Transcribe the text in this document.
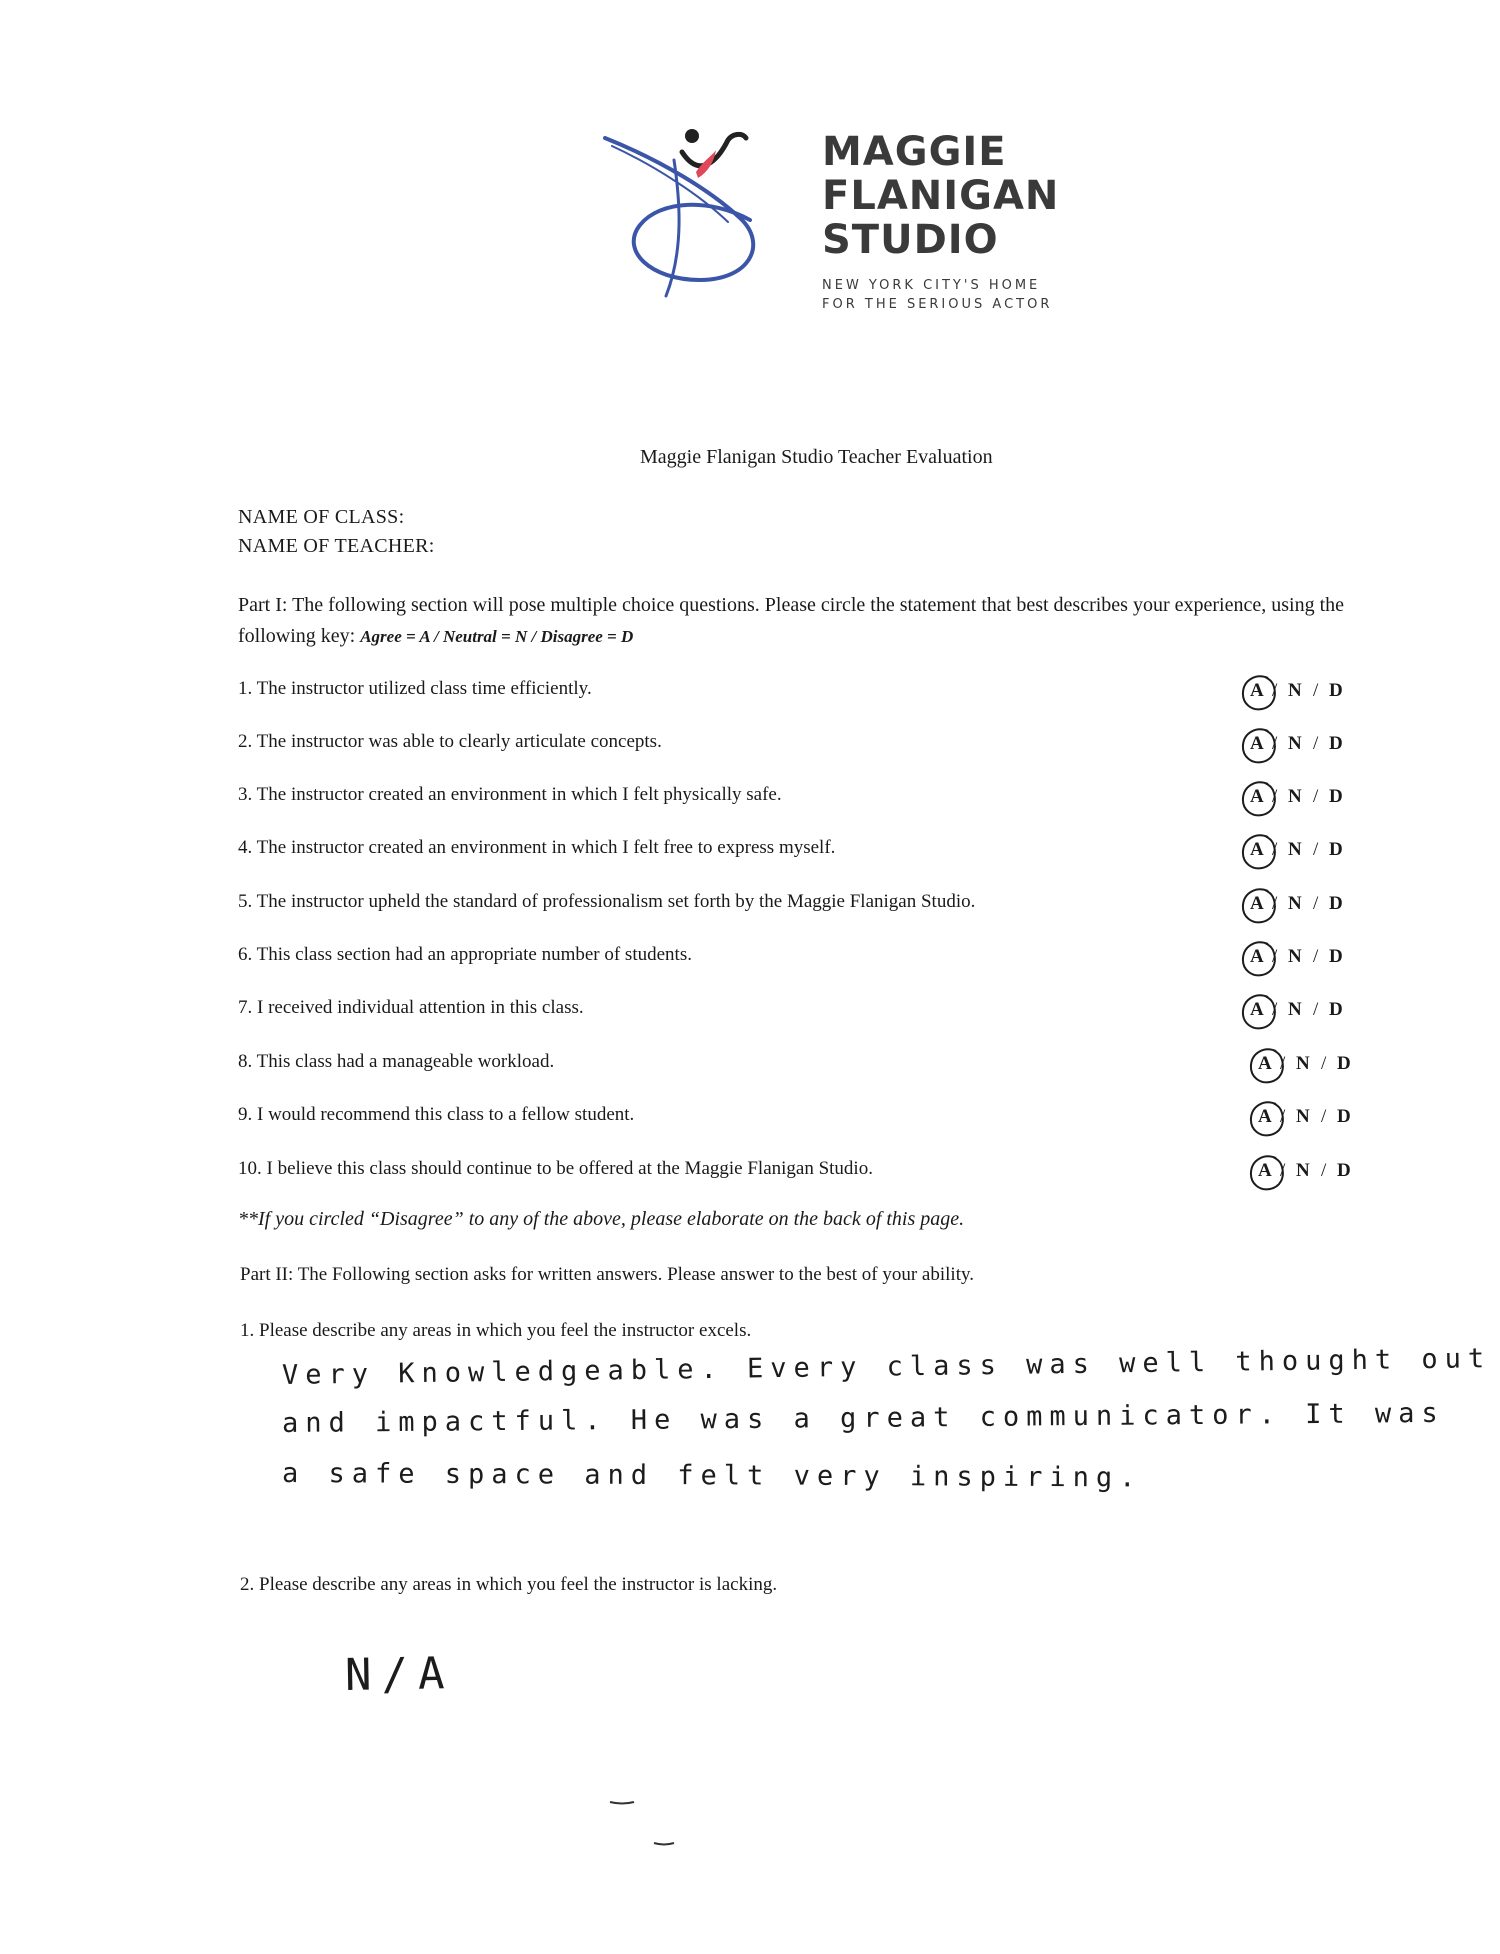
MAGGIE
FLANIGAN
STUDIO
NEW YORK CITY'S HOME
FOR THE SERIOUS ACTOR
Maggie Flanigan Studio Teacher Evaluation
NAME OF CLASS:
NAME OF TEACHER:
Part I: The following section will pose multiple choice questions. Please circle the statement that best describes your experience, using the following key: Agree = A / Neutral = N / Disagree = D
1. The instructor utilized class time efficiently.	A / N / D
2. The instructor was able to clearly articulate concepts.	A / N / D
3. The instructor created an environment in which I felt physically safe.	A / N / D
4. The instructor created an environment in which I felt free to express myself.	A / N / D
5. The instructor upheld the standard of professionalism set forth by the Maggie Flanigan Studio.	A / N / D
6. This class section had an appropriate number of students.	A / N / D
7. I received individual attention in this class.	A / N / D
8. This class had a manageable workload.	A / N / D
9. I would recommend this class to a fellow student.	A / N / D
10. I believe this class should continue to be offered at the Maggie Flanigan Studio.	A / N / D
**If you circled “Disagree” to any of the above, please elaborate on the back of this page.
Part II: The Following section asks for written answers. Please answer to the best of your ability.
1. Please describe any areas in which you feel the instructor excels.
Very Knowledgeable. Every class was well thought out
and impactful. He was a great communicator. It was
a safe space and felt very inspiring.
2. Please describe any areas in which you feel the instructor is lacking.
N/A
